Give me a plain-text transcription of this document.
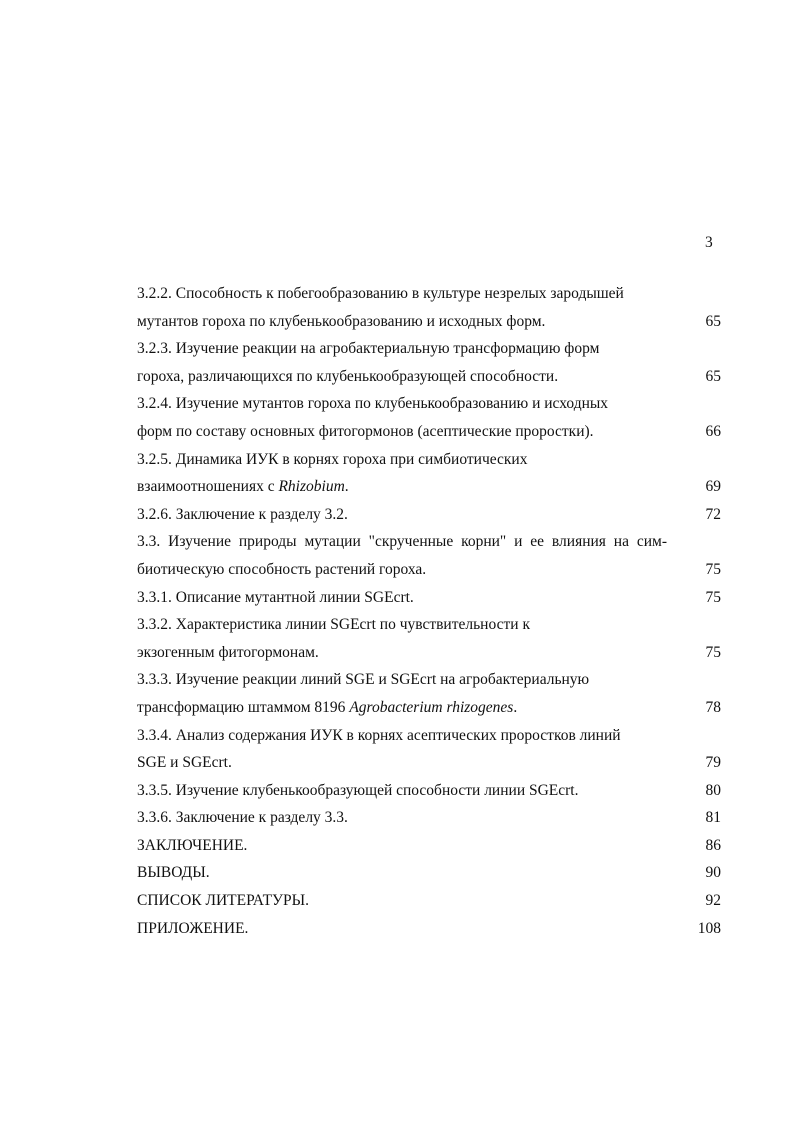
3
3.2.2. Способность к побегообразованию в культуре незрелых зародышей
мутантов гороха по клубенькообразованию и исходных форм.	65
3.2.3. Изучение реакции на агробактериальную трансформацию форм
гороха, различающихся по клубенькообразующей способности.	65
3.2.4. Изучение мутантов гороха по клубенькообразованию и исходных
форм по составу основных фитогормонов (асептические проростки).	66
3.2.5. Динамика ИУК в корнях гороха при симбиотических
взаимоотношениях с Rhizobium.	69
3.2.6. Заключение к разделу 3.2.	72
3.3. Изучение природы мутации "скрученные корни" и ее влияния на сим-
биотическую способность растений гороха.	75
3.3.1. Описание мутантной линии SGEcrt.	75
3.3.2. Характеристика линии SGEcrt по чувствительности к
экзогенным фитогормонам.	75
3.3.3. Изучение реакции линий SGE и SGEcrt на агробактериальную
трансформацию штаммом 8196 Agrobacterium rhizogenes.	78
3.3.4. Анализ содержания ИУК в корнях асептических проростков линий
SGE и SGEcrt.	79
3.3.5. Изучение клубенькообразующей способности линии SGEcrt.	80
3.3.6. Заключение к разделу 3.3.	81
ЗАКЛЮЧЕНИЕ.	86
ВЫВОДЫ.	90
СПИСОК ЛИТЕРАТУРЫ.	92
ПРИЛОЖЕНИЕ.	108
